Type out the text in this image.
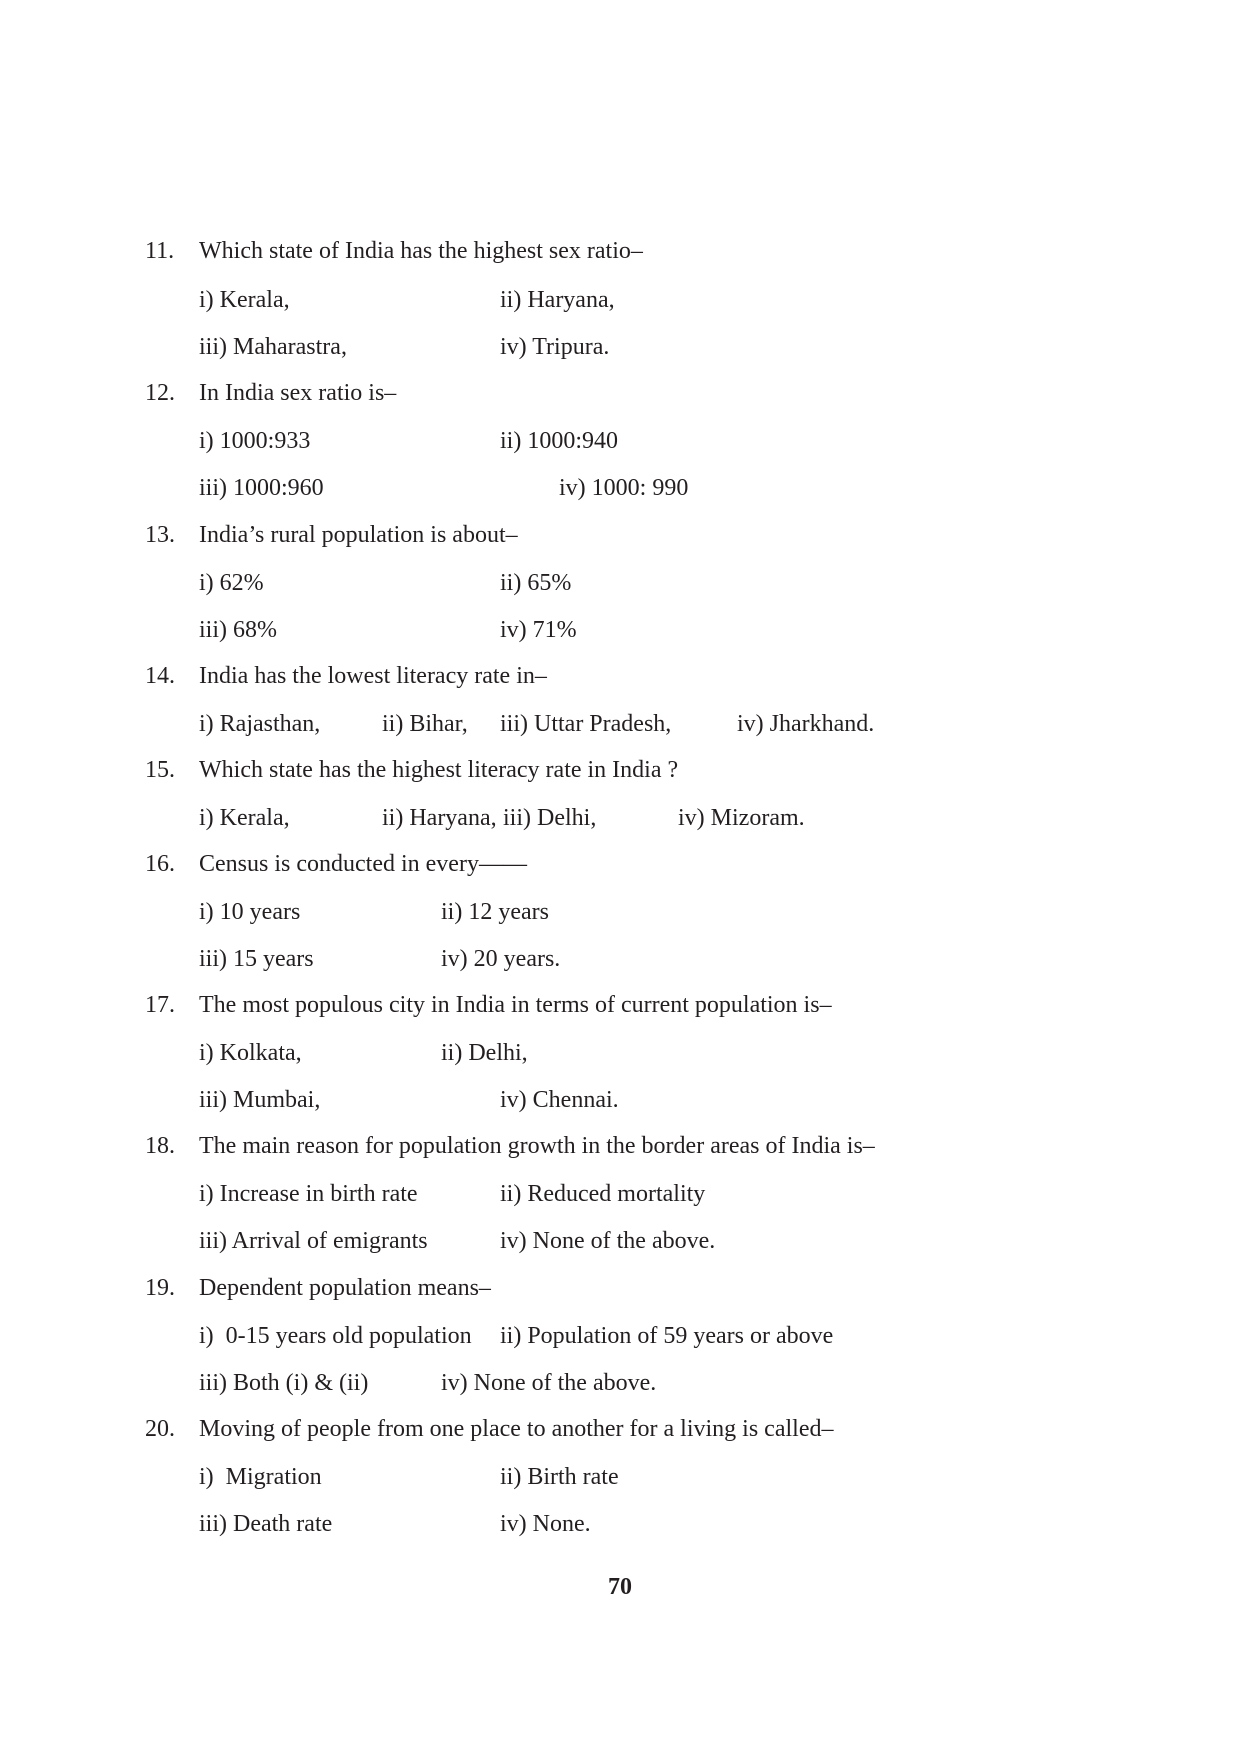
11. Which state of India has the highest sex ratio–
i) Kerala,	ii) Haryana,
iii) Maharastra,	iv) Tripura.
12. In India sex ratio is–
i) 1000:933	ii) 1000:940
iii) 1000:960	iv) 1000: 990
13. India’s rural population is about–
i) 62%	ii) 65%
iii) 68%	iv) 71%
14. India has the lowest literacy rate in–
i) Rajasthan,	ii) Bihar, iii) Uttar Pradesh,	iv) Jharkhand.
15. Which state has the highest literacy rate in India ?
i) Kerala,	ii) Haryana, iii) Delhi,	iv) Mizoram.
16. Census is conducted in every——
i) 10 years	ii) 12 years
iii) 15 years	iv) 20 years.
17. The most populous city in India in terms of current population is–
i) Kolkata,	ii) Delhi,
iii) Mumbai,	iv) Chennai.
18. The main reason for population growth in the border areas of India is–
i) Increase in birth rate	ii) Reduced mortality
iii) Arrival of emigrants	iv) None of the above.
19. Dependent population means–
i)  0-15 years old population ii) Population of 59 years or above
iii) Both (i) & (ii)	iv) None of the above.
20. Moving of people from one place to another for a living is called–
i)  Migration	ii) Birth rate
iii) Death rate	iv) None.
70
